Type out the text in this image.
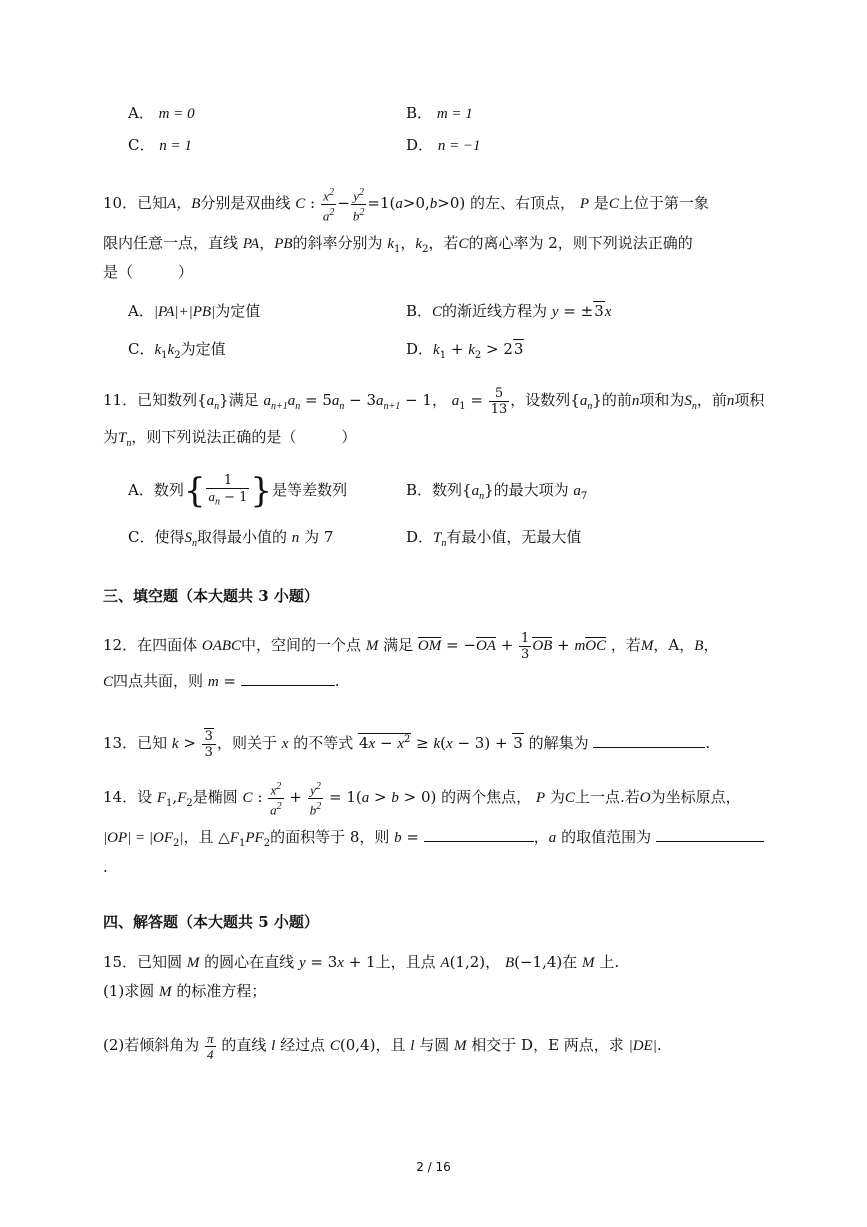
A． m = 0	B． m = 1
C． n = 1	D． n = −1
10．已知A，B分别是双曲线 C : $\frac{x^2}{a^2} - \frac{y^2}{b^2} =1(a>0,b>0)$ 的左、右顶点， P 是C上位于第一象
限内任意一点，直线 PA，PB的斜率分别为 $k_1$，$k_2$，若C的离心率为 2，则下列说法正确的
是（　　　）
A．|PA|+|PB|为定值	B．C的渐近线方程为 y = ±3x
C．$k_1k_2$为定值	D．$k_1 + k_2 > 23$
11．已知数列$\{a_n\}$满足 $a_{n+1}a_n = 5a_n - 3a_{n+1} - 1$， $a_1 = \frac{5}{13}$ ，设数列$\{a_n\}$的前n项和为$S_n$，前n项积
为$T_n$，则下列说法正确的是（　　　）
A．数列{ $\frac{1}{a_n - 1}$ }是等差数列	B．数列$\{a_n\}$的最大项为 $a_7$
C．使得$S_n$取得最小值的 n 为 7	D．$T_n$有最小值，无最大值
三、填空题（本大题共 3 小题）
12．在四面体 OABC中，空间的一个点 M 满足 OM = $-OA + \frac{1}{3}$ OB + mOC ，若M，A，B，
C四点共面，则 m =	.
13．已知 $k > \frac{3}{3}$ ，则关于 x 的不等式 $4x - x^2 \ge k(x - 3) + 3$ 的解集为	.
14．设 $F_1,F_2$是椭圆 C : $\frac{x^2}{a^2} + \frac{y^2}{b^2} = 1(a > b > 0)$ 的两个焦点， P 为C上一点.若O为坐标原点，
$|OP| = |OF_2|$，且 $\triangle F_1PF_2$的面积等于 8，则 b =	，a 的取值范围为
.
四、解答题（本大题共 5 小题）
15．已知圆 M 的圆心在直线 y = 3x + 1上，且点 A(1,2)， B(−1,4)在 M 上.
(1)求圆 M 的标准方程；
(2)若倾斜角为 $\frac{\pi}{4}$ 的直线 l 经过点 C(0,4)，且 l 与圆 M 相交于 D，E 两点，求 |DE|.
2 / 16
